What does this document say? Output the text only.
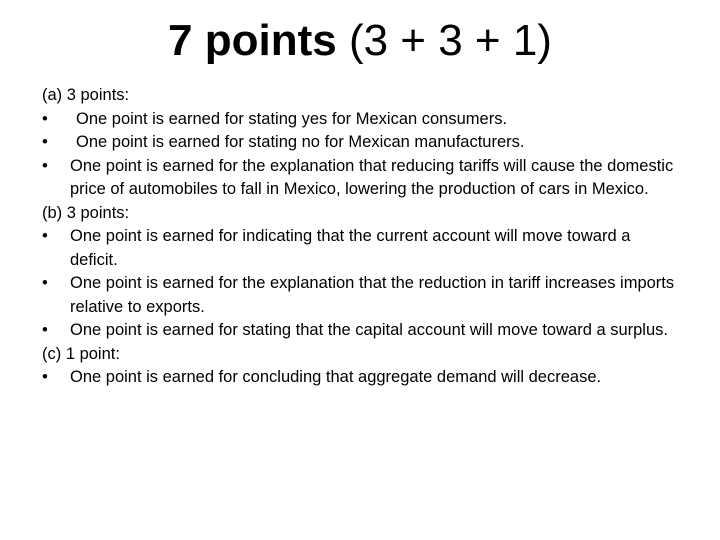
7 points (3 + 3 + 1)

(a) 3 points:

•	One point is earned for stating yes for Mexican consumers.
•	One point is earned for stating no for Mexican manufacturers.
•	One point is earned for the explanation that reducing tariffs will cause the domestic price of automobiles to fall in Mexico, lowering the production of cars in Mexico.

(b) 3 points:

•	One point is earned for indicating that the current account will move toward a deficit.
•	One point is earned for the explanation that the reduction in tariff increases imports relative to exports.
•	One point is earned for stating that the capital account will move toward a surplus.

(c) 1 point:

•	One point is earned for concluding that aggregate demand will decrease.
